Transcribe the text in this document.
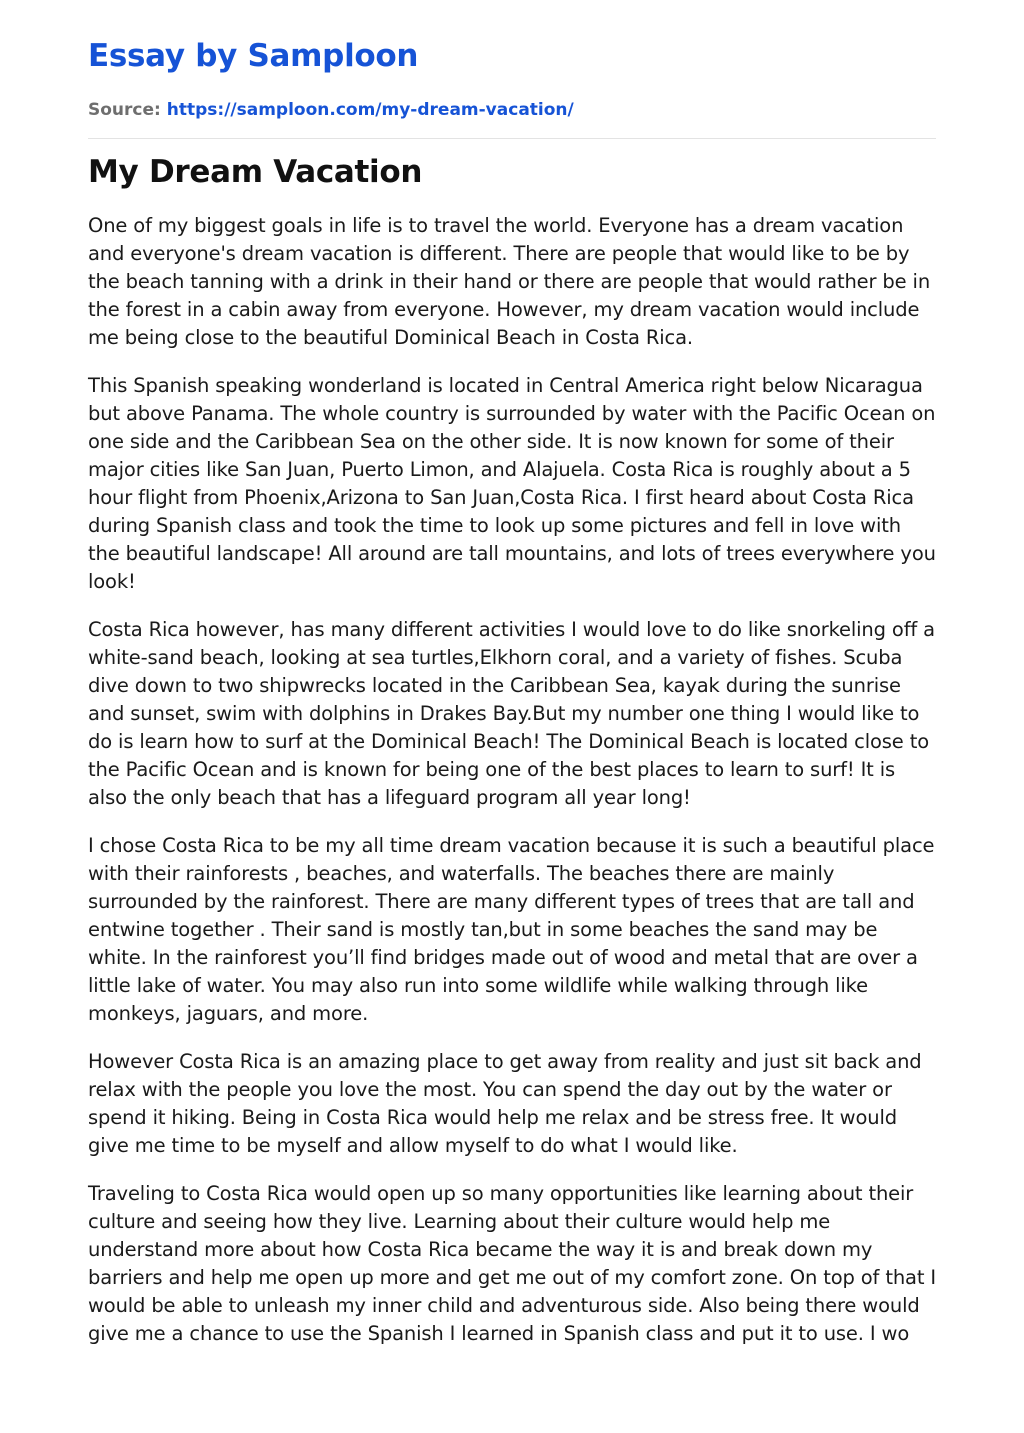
Essay by Samploon
Source: https://samploon.com/my-dream-vacation/
My Dream Vacation

One of my biggest goals in life is to travel the world. Everyone has a dream vacation and everyone's dream vacation is different. There are people that would like to be by the beach tanning with a drink in their hand or there are people that would rather be in the forest in a cabin away from everyone. However, my dream vacation would include me being close to the beautiful Dominical Beach in Costa Rica.

This Spanish speaking wonderland is located in Central America right below Nicaragua but above Panama. The whole country is surrounded by water with the Pacific Ocean on one side and the Caribbean Sea on the other side. It is now known for some of their major cities like San Juan, Puerto Limon, and Alajuela. Costa Rica is roughly about a 5 hour flight from Phoenix,Arizona to San Juan,Costa Rica. I first heard about Costa Rica during Spanish class and took the time to look up some pictures and fell in love with the beautiful landscape! All around are tall mountains, and lots of trees everywhere you look!

Costa Rica however, has many different activities I would love to do like snorkeling off a white-sand beach, looking at sea turtles,Elkhorn coral, and a variety of fishes. Scuba dive down to two shipwrecks located in the Caribbean Sea, kayak during the sunrise and sunset, swim with dolphins in Drakes Bay.But my number one thing I would like to do is learn how to surf at the Dominical Beach! The Dominical Beach is located close to the Pacific Ocean and is known for being one of the best places to learn to surf! It is also the only beach that has a lifeguard program all year long!

I chose Costa Rica to be my all time dream vacation because it is such a beautiful place with their rainforests , beaches, and waterfalls. The beaches there are mainly surrounded by the rainforest. There are many different types of trees that are tall and entwine together . Their sand is mostly tan,but in some beaches the sand may be white. In the rainforest you’ll find bridges made out of wood and metal that are over a little lake of water. You may also run into some wildlife while walking through like monkeys, jaguars, and more.

However Costa Rica is an amazing place to get away from reality and just sit back and relax with the people you love the most. You can spend the day out by the water or spend it hiking. Being in Costa Rica would help me relax and be stress free. It would give me time to be myself and allow myself to do what I would like.

Traveling to Costa Rica would open up so many opportunities like learning about their culture and seeing how they live. Learning about their culture would help me understand more about how Costa Rica became the way it is and break down my barriers and help me open up more and get me out of my comfort zone. On top of that I would be able to unleash my inner child and adventurous side. Also being there would give me a chance to use the Spanish I learned in Spanish class and put it to use. I wo
